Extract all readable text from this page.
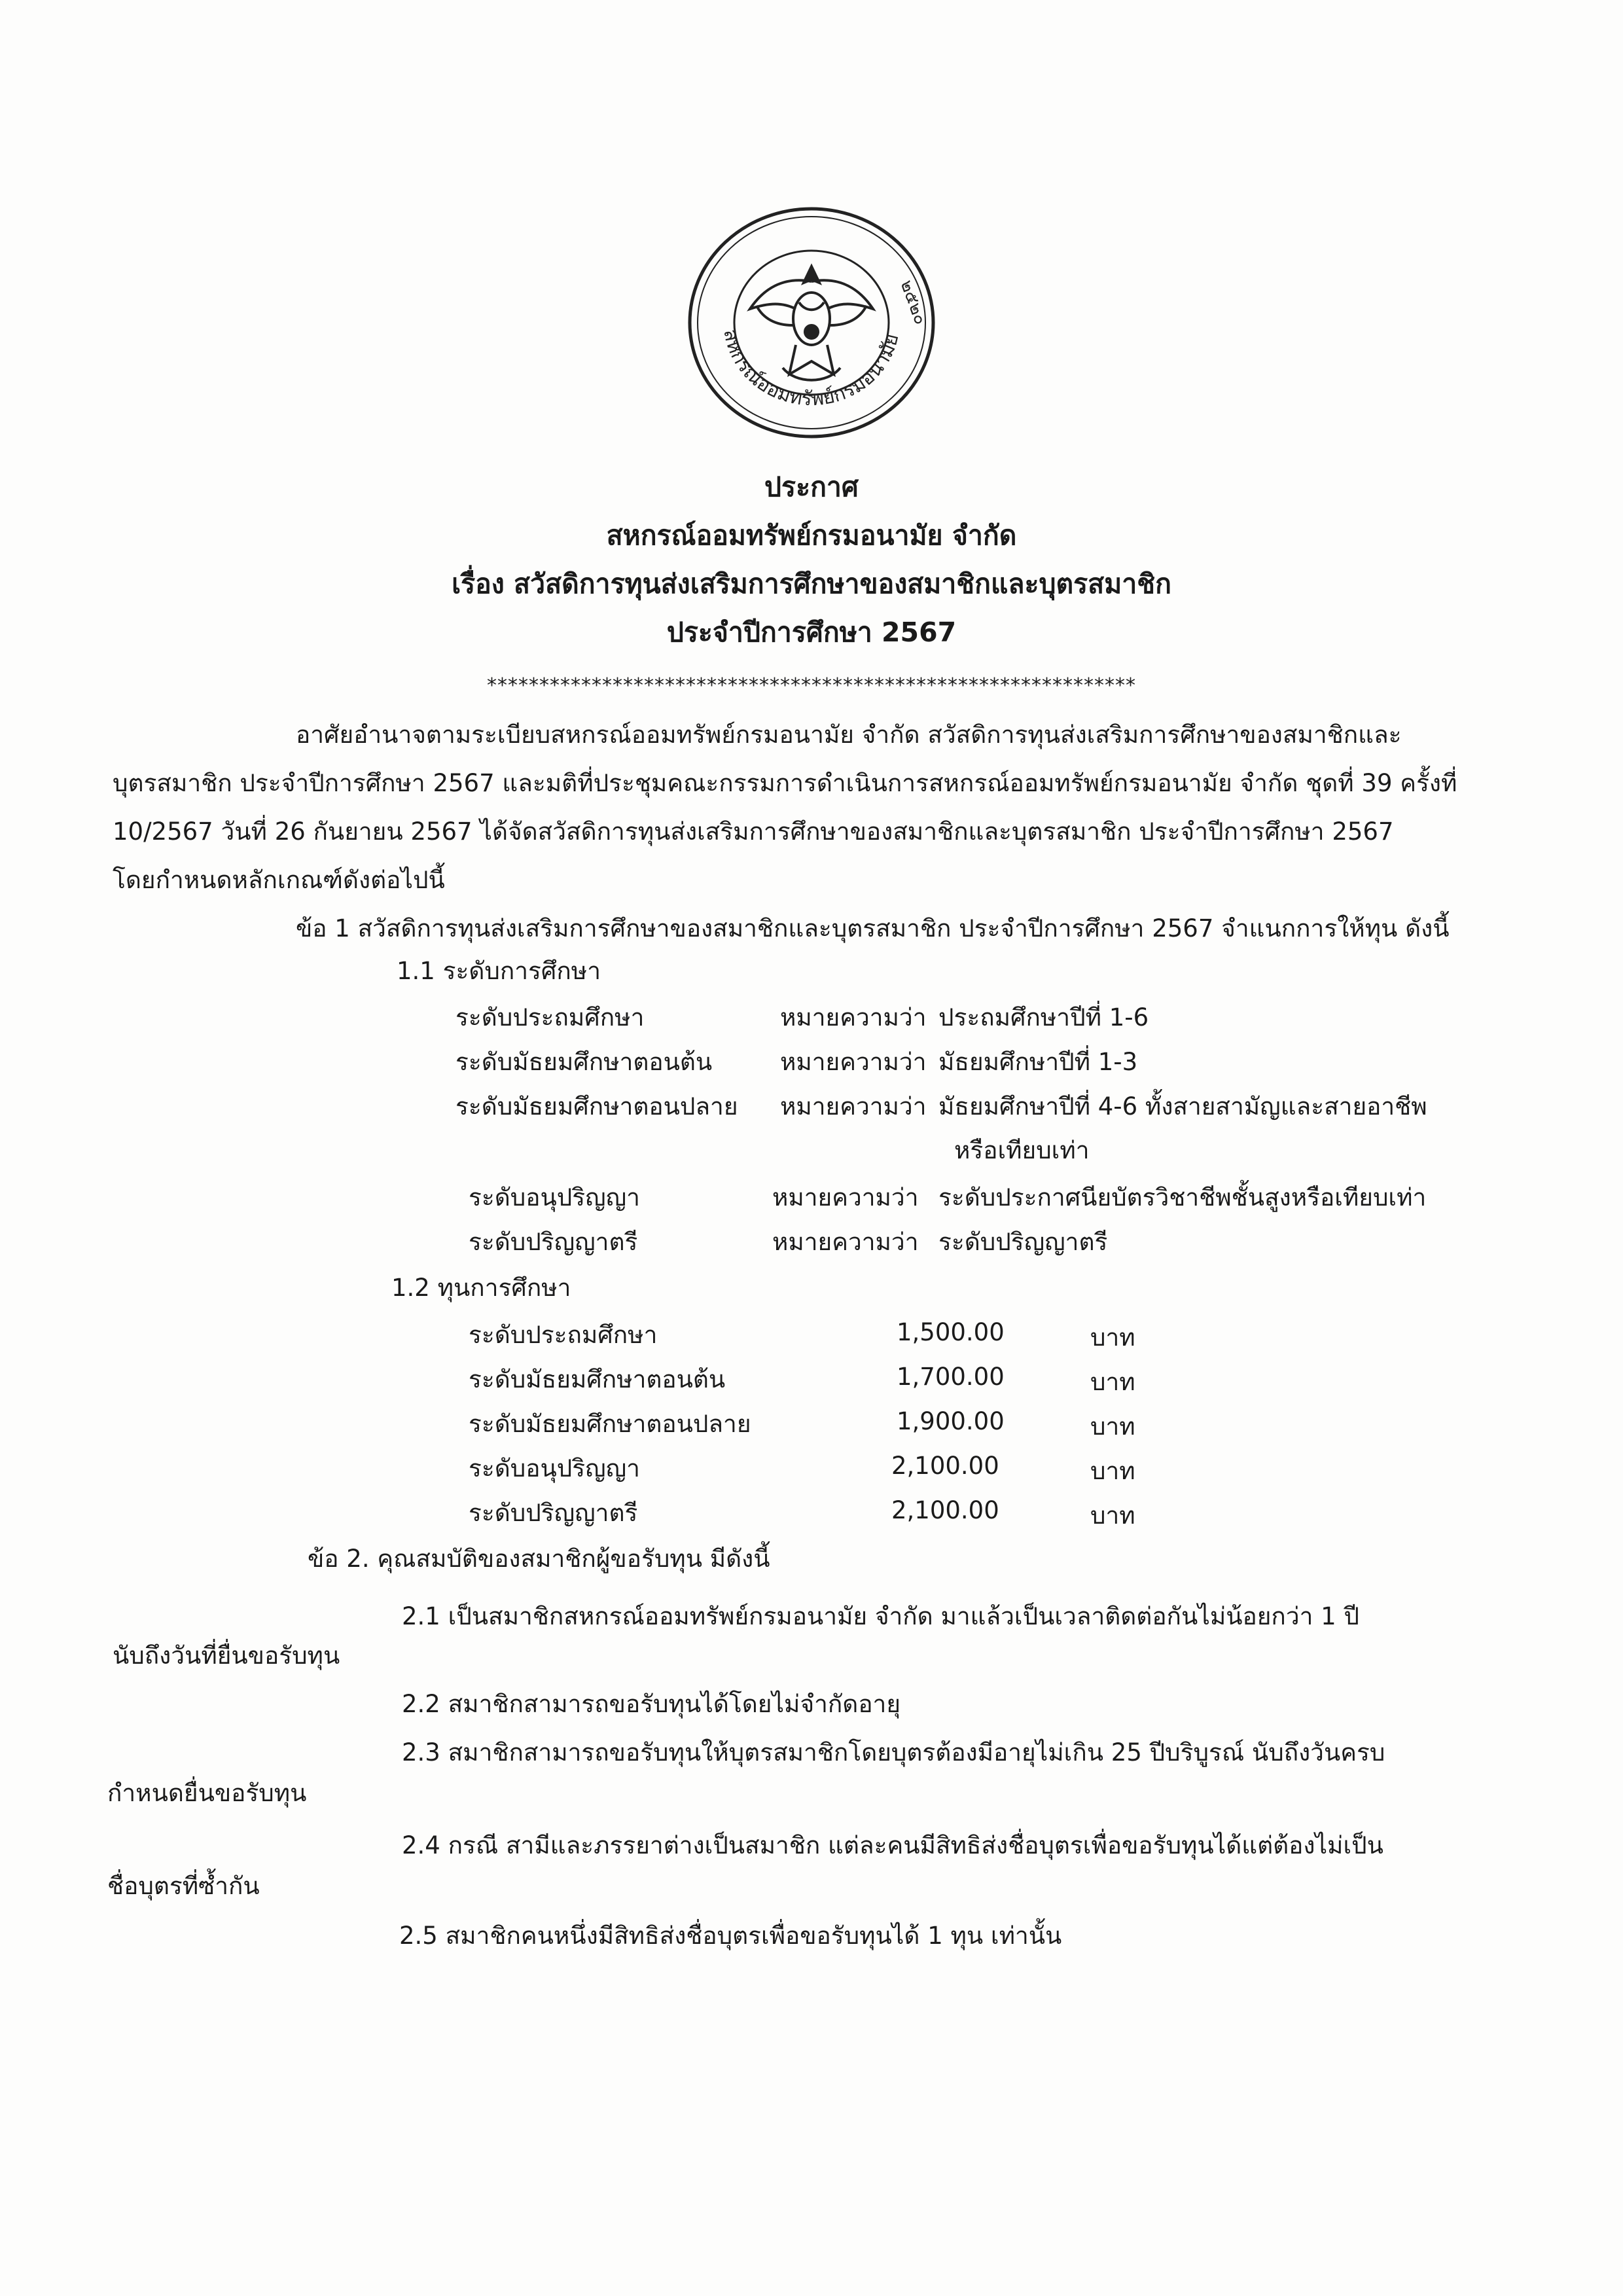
สหกรณ์ออมทรัพย์กรมอนามัย
๒๕๒๐
ประกาศ
สหกรณ์ออมทรัพย์กรมอนามัย จำกัด
เรื่อง สวัสดิการทุนส่งเสริมการศึกษาของสมาชิกและบุตรสมาชิก
ประจำปีการศึกษา 2567
**************************************************************
อาศัยอำนาจตามระเบียบสหกรณ์ออมทรัพย์กรมอนามัย จำกัด สวัสดิการทุนส่งเสริมการศึกษาของสมาชิกและ
บุตรสมาชิก ประจำปีการศึกษา 2567 และมติที่ประชุมคณะกรรมการดำเนินการสหกรณ์ออมทรัพย์กรมอนามัย จำกัด ชุดที่ 39 ครั้งที่
10/2567 วันที่ 26 กันยายน 2567 ได้จัดสวัสดิการทุนส่งเสริมการศึกษาของสมาชิกและบุตรสมาชิก ประจำปีการศึกษา 2567
โดยกำหนดหลักเกณฑ์ดังต่อไปนี้
ข้อ 1 สวัสดิการทุนส่งเสริมการศึกษาของสมาชิกและบุตรสมาชิก ประจำปีการศึกษา 2567 จำแนกการให้ทุน ดังนี้
1.1 ระดับการศึกษา
ระดับประถมศึกษา	หมายความว่า ประถมศึกษาปีที่ 1-6
ระดับมัธยมศึกษาตอนต้น	หมายความว่า มัธยมศึกษาปีที่ 1-3
ระดับมัธยมศึกษาตอนปลาย หมายความว่า มัธยมศึกษาปีที่ 4-6 ทั้งสายสามัญและสายอาชีพ
หรือเทียบเท่า
ระดับอนุปริญญา	หมายความว่า ระดับประกาศนียบัตรวิชาชีพชั้นสูงหรือเทียบเท่า
ระดับปริญญาตรี	หมายความว่า ระดับปริญญาตรี
1.2 ทุนการศึกษา
ระดับประถมศึกษา	1,500.00	บาท
ระดับมัธยมศึกษาตอนต้น	1,700.00	บาท
ระดับมัธยมศึกษาตอนปลาย	1,900.00	บาท
ระดับอนุปริญญา	2,100.00	บาท
ระดับปริญญาตรี	2,100.00	บาท
ข้อ 2. คุณสมบัติของสมาชิกผู้ขอรับทุน มีดังนี้
2.1 เป็นสมาชิกสหกรณ์ออมทรัพย์กรมอนามัย จำกัด มาแล้วเป็นเวลาติดต่อกันไม่น้อยกว่า 1 ปี
นับถึงวันที่ยื่นขอรับทุน
2.2 สมาชิกสามารถขอรับทุนได้โดยไม่จำกัดอายุ
2.3 สมาชิกสามารถขอรับทุนให้บุตรสมาชิกโดยบุตรต้องมีอายุไม่เกิน 25 ปีบริบูรณ์ นับถึงวันครบ
กำหนดยื่นขอรับทุน
2.4 กรณี สามีและภรรยาต่างเป็นสมาชิก แต่ละคนมีสิทธิส่งชื่อบุตรเพื่อขอรับทุนได้แต่ต้องไม่เป็น
ชื่อบุตรที่ซ้ำกัน
2.5 สมาชิกคนหนึ่งมีสิทธิส่งชื่อบุตรเพื่อขอรับทุนได้ 1 ทุน เท่านั้น
